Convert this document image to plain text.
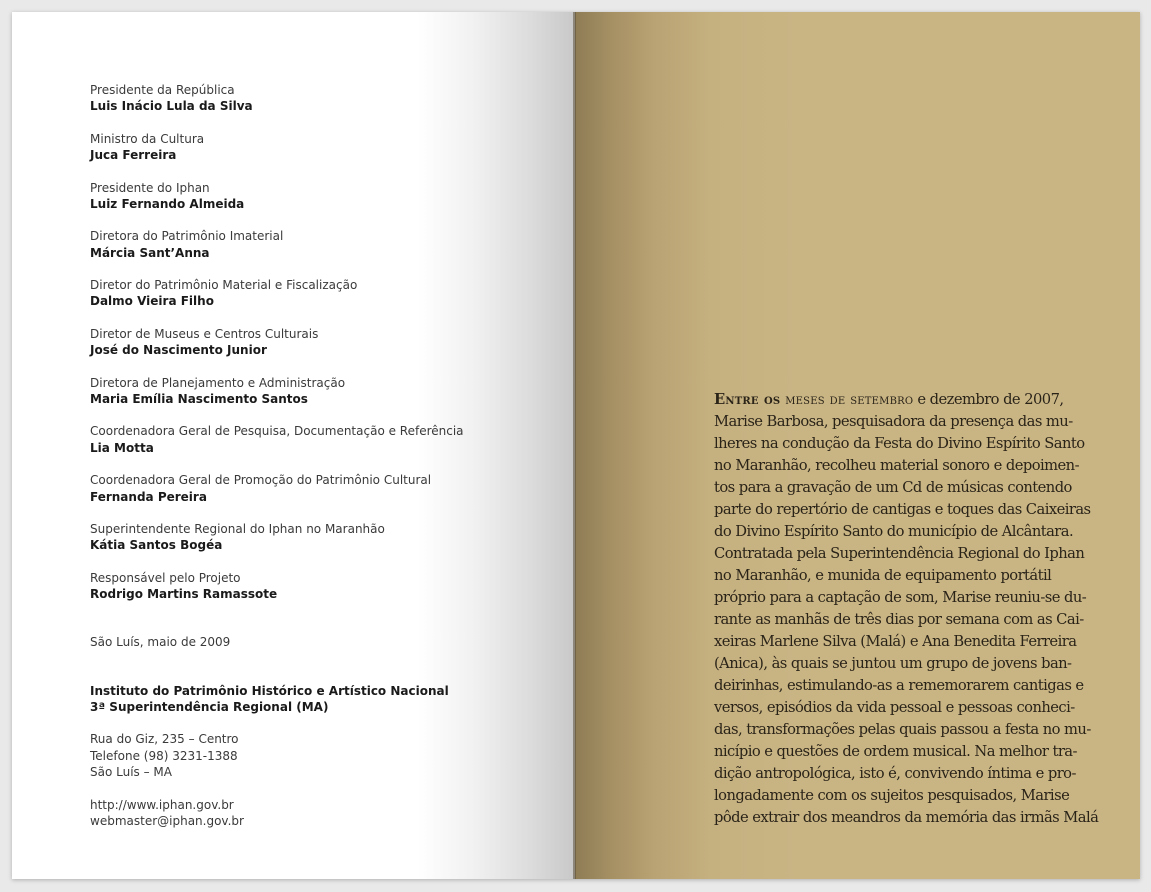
Presidente da República
Luis Inácio Lula da Silva
Ministro da Cultura
Juca Ferreira
Presidente do Iphan
Luiz Fernando Almeida
Diretora do Patrimônio Imaterial
Márcia Sant’Anna
Diretor do Patrimônio Material e Fiscalização
Dalmo Vieira Filho
Diretor de Museus e Centros Culturais
José do Nascimento Junior
Diretora de Planejamento e Administração
Maria Emília Nascimento Santos
Coordenadora Geral de Pesquisa, Documentação e Referência
Lia Motta
Coordenadora Geral de Promoção do Patrimônio Cultural
Fernanda Pereira
Superintendente Regional do Iphan no Maranhão
Kátia Santos Bogéa
Responsável pelo Projeto
Rodrigo Martins Ramassote
São Luís, maio de 2009
Instituto do Patrimônio Histórico e Artístico Nacional
3ª Superintendência Regional (MA)
Rua do Giz, 235 – Centro
Telefone (98) 3231-1388
São Luís – MA
http://www.iphan.gov.br
webmaster@iphan.gov.br
Entre os meses de setembro e dezembro de 2007,
Marise Barbosa, pesquisadora da presença das mu-
lheres na condução da Festa do Divino Espírito Santo
no Maranhão, recolheu material sonoro e depoimen-
tos para a gravação de um Cd de músicas contendo
parte do repertório de cantigas e toques das Caixeiras
do Divino Espírito Santo do município de Alcântara.
Contratada pela Superintendência Regional do Iphan
no Maranhão, e munida de equipamento portátil
próprio para a captação de som, Marise reuniu-se du-
rante as manhãs de três dias por semana com as Cai-
xeiras Marlene Silva (Malá) e Ana Benedita Ferreira
(Anica), às quais se juntou um grupo de jovens ban-
deirinhas, estimulando-as a rememorarem cantigas e
versos, episódios da vida pessoal e pessoas conheci-
das, transformações pelas quais passou a festa no mu-
nicípio e questões de ordem musical. Na melhor tra-
dição antropológica, isto é, convivendo íntima e pro-
longadamente com os sujeitos pesquisados, Marise
pôde extrair dos meandros da memória das irmãs Malá
